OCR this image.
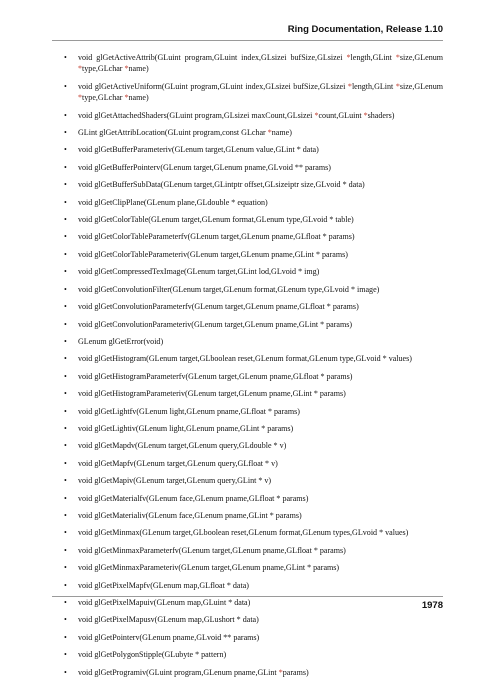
Ring Documentation, Release 1.10
• void glGetActiveAttrib(GLuint program,GLuint index,GLsizei bufSize,GLsizei *length,GLint *size,GLenum *type,GLchar *name)
• void glGetActiveUniform(GLuint program,GLuint index,GLsizei bufSize,GLsizei *length,GLint *size,GLenum *type,GLchar *name)
• void glGetAttachedShaders(GLuint program,GLsizei maxCount,GLsizei *count,GLuint *shaders)
• GLint glGetAttribLocation(GLuint program,const GLchar *name)
• void glGetBufferParameteriv(GLenum target,GLenum value,GLint * data)
• void glGetBufferPointerv(GLenum target,GLenum pname,GLvoid ** params)
• void glGetBufferSubData(GLenum target,GLintptr offset,GLsizeiptr size,GLvoid * data)
• void glGetClipPlane(GLenum plane,GLdouble * equation)
• void glGetColorTable(GLenum target,GLenum format,GLenum type,GLvoid * table)
• void glGetColorTableParameterfv(GLenum target,GLenum pname,GLfloat * params)
• void glGetColorTableParameteriv(GLenum target,GLenum pname,GLint * params)
• void glGetCompressedTexImage(GLenum target,GLint lod,GLvoid * img)
• void glGetConvolutionFilter(GLenum target,GLenum format,GLenum type,GLvoid * image)
• void glGetConvolutionParameterfv(GLenum target,GLenum pname,GLfloat * params)
• void glGetConvolutionParameteriv(GLenum target,GLenum pname,GLint * params)
• GLenum glGetError(void)
• void glGetHistogram(GLenum target,GLboolean reset,GLenum format,GLenum type,GLvoid * values)
• void glGetHistogramParameterfv(GLenum target,GLenum pname,GLfloat * params)
• void glGetHistogramParameteriv(GLenum target,GLenum pname,GLint * params)
• void glGetLightfv(GLenum light,GLenum pname,GLfloat * params)
• void glGetLightiv(GLenum light,GLenum pname,GLint * params)
• void glGetMapdv(GLenum target,GLenum query,GLdouble * v)
• void glGetMapfv(GLenum target,GLenum query,GLfloat * v)
• void glGetMapiv(GLenum target,GLenum query,GLint * v)
• void glGetMaterialfv(GLenum face,GLenum pname,GLfloat * params)
• void glGetMaterialiv(GLenum face,GLenum pname,GLint * params)
• void glGetMinmax(GLenum target,GLboolean reset,GLenum format,GLenum types,GLvoid * values)
• void glGetMinmaxParameterfv(GLenum target,GLenum pname,GLfloat * params)
• void glGetMinmaxParameteriv(GLenum target,GLenum pname,GLint * params)
• void glGetPixelMapfv(GLenum map,GLfloat * data)
• void glGetPixelMapuiv(GLenum map,GLuint * data)
• void glGetPixelMapusv(GLenum map,GLushort * data)
• void glGetPointerv(GLenum pname,GLvoid ** params)
• void glGetPolygonStipple(GLubyte * pattern)
• void glGetProgramiv(GLuint program,GLenum pname,GLint *params)
1978
